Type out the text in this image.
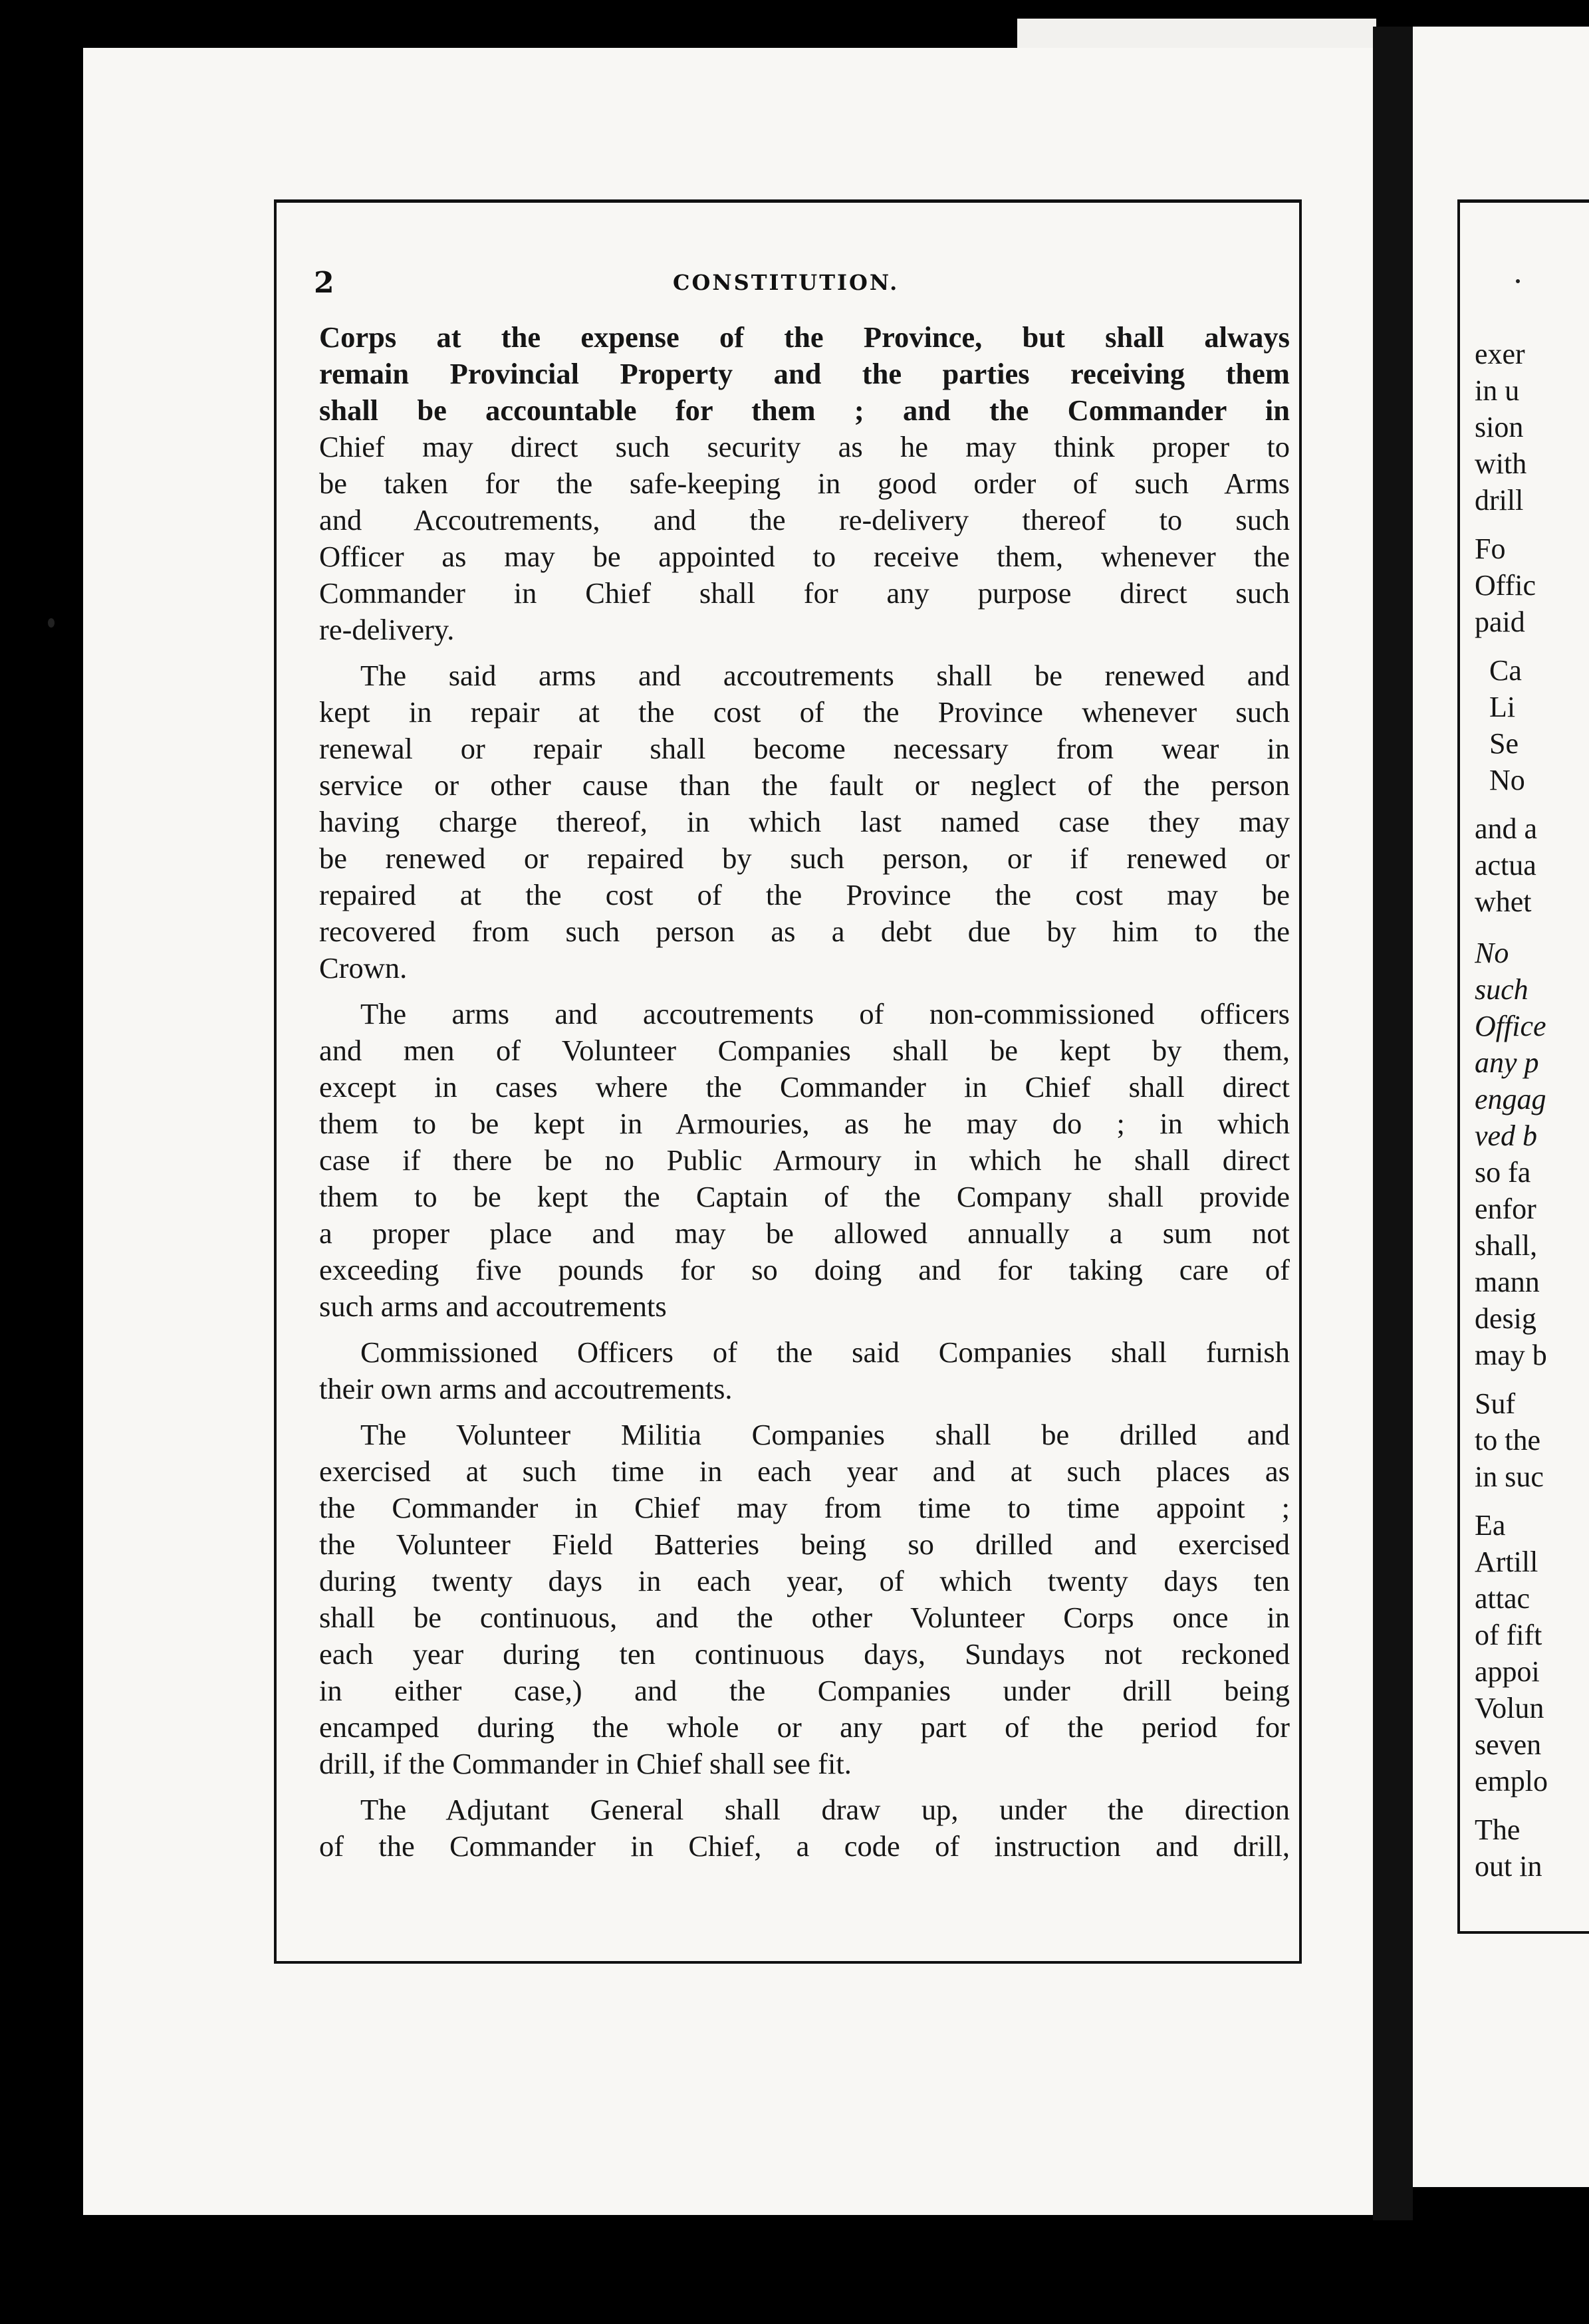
2	CONSTITUTION.

Corps at the expense of the Province, but shall always
remain Provincial Property and the parties receiving them
shall be accountable for them ; and the Commander in
Chief may direct such security as he may think proper to
be taken for the safe-keeping in good order of such Arms
and Accoutrements, and the re-delivery thereof to such
Officer as may be appointed to receive them, whenever the
Commander in Chief shall for any purpose direct such
re-delivery.

The said arms and accoutrements shall be renewed and
kept in repair at the cost of the Province whenever such
renewal or repair shall become necessary from wear in
service or other cause than the fault or neglect of the person
having charge thereof, in which last named case they may
be renewed or repaired by such person, or if renewed or
repaired at the cost of the Province the cost may be
recovered from such person as a debt due by him to the
Crown.

The arms and accoutrements of non-commissioned officers
and men of Volunteer Companies shall be kept by them,
except in cases where the Commander in Chief shall direct
them to be kept in Armouries, as he may do ; in which
case if there be no Public Armoury in which he shall direct
them to be kept the Captain of the Company shall provide
a proper place and may be allowed annually a sum not
exceeding five pounds for so doing and for taking care of
such arms and accoutrements

Commissioned Officers of the said Companies shall furnish
their own arms and accoutrements.

The Volunteer Militia Companies shall be drilled and
exercised at such time in each year and at such places as
the Commander in Chief may from time to time appoint ;
the Volunteer Field Batteries being so drilled and exercised
during twenty days in each year, of which twenty days ten
shall be continuous, and the other Volunteer Corps once in
each year during ten continuous days, Sundays not reckoned
in either case,) and the Companies under drill being
encamped during the whole or any part of the period for
drill, if the Commander in Chief shall see fit.

The Adjutant General shall draw up, under the direction
of the Commander in Chief, a code of instruction and drill,

exer
in u
sion
with
drill
Fo
Offic
paid
Ca
Li
Se
No
and a
actua
whet
No
such
Office
any p
engag
ved b
so fa
enfor
shall,
mann
desig
may b
Suf
to the
in suc
Ea
Artill
attac
of fift
appoi
Volun
seven
emplo
The
out in
